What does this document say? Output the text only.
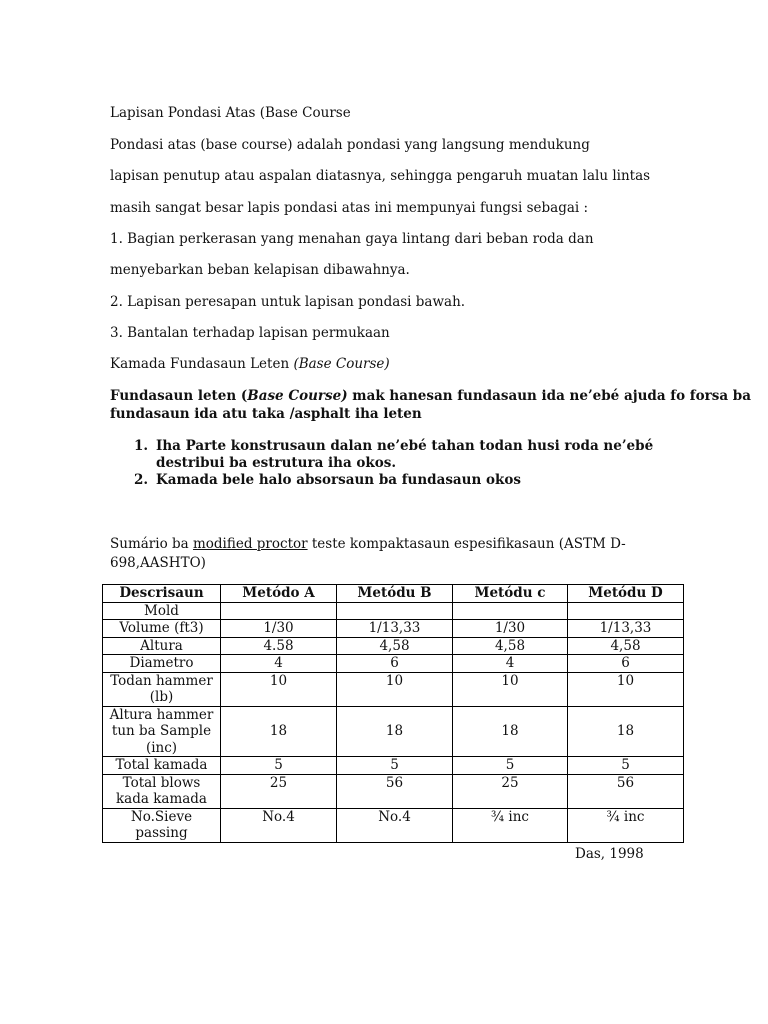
Lapisan Pondasi Atas (Base Course

Pondasi atas (base course) adalah pondasi yang langsung mendukung

lapisan penutup atau aspalan diatasnya, sehingga pengaruh muatan lalu lintas

masih sangat besar lapis pondasi atas ini mempunyai fungsi sebagai :

1. Bagian perkerasan yang menahan gaya lintang dari beban roda dan

menyebarkan beban kelapisan dibawahnya.

2. Lapisan peresapan untuk lapisan pondasi bawah.

3. Bantalan terhadap lapisan permukaan

Kamada Fundasaun Leten (Base Course)

Fundasaun leten (Base Course) mak hanesan fundasaun ida ne’ebé ajuda fo forsa ba

fundasaun ida atu taka /asphalt iha leten

1. Iha Parte konstrusaun dalan ne’ebé tahan todan husi roda ne’ebé destribui ba estrutura iha okos.
2. Kamada bele halo absorsaun ba fundasaun okos

Sumário ba modified proctor teste kompaktasaun espesifikasaun (ASTM D-

698,AASHTO)

Descrisaun	Metódo A	Metódu B	Metódu c	Metódu D
Mold				
Volume (ft3)	1/30	1/13,33	1/30	1/13,33
Altura	4.58	4,58	4,58	4,58
Diametro	4	6	4	6
Todan hammer (lb)	10	10	10	10
Altura hammer tun ba Sample (inc)	18	18	18	18
Total kamada	5	5	5	5
Total blows kada kamada	25	56	25	56
No.Sieve passing	No.4	No.4	¾ inc	¾ inc

Das, 1998
